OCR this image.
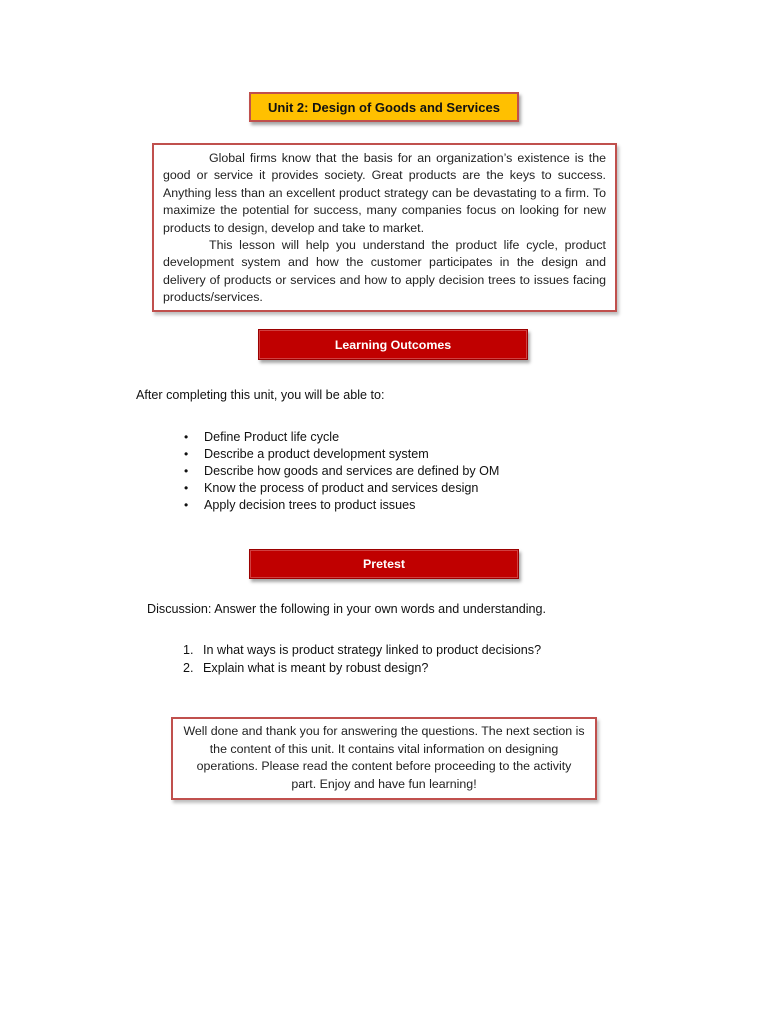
Unit 2: Design of Goods and Services

Global firms know that the basis for an organization’s existence is the good or service it provides society. Great products are the keys to success. Anything less than an excellent product strategy can be devastating to a firm. To maximize the potential for success, many companies focus on looking for new products to design, develop and take to market.

This lesson will help you understand the product life cycle, product development system and how the customer participates in the design and delivery of products or services and how to apply decision trees to issues facing products/services.

Learning Outcomes
After completing this unit, you will be able to:
• Define Product life cycle
• Describe a product development system
• Describe how goods and services are defined by OM
• Know the process of product and services design
• Apply decision trees to product issues
Pretest
Discussion: Answer the following in your own words and understanding.
1. In what ways is product strategy linked to product decisions?
2. Explain what is meant by robust design?
Well done and thank you for answering the questions. The next section is the content of this unit. It contains vital information on designing operations. Please read the content before proceeding to the activity part. Enjoy and have fun learning!
